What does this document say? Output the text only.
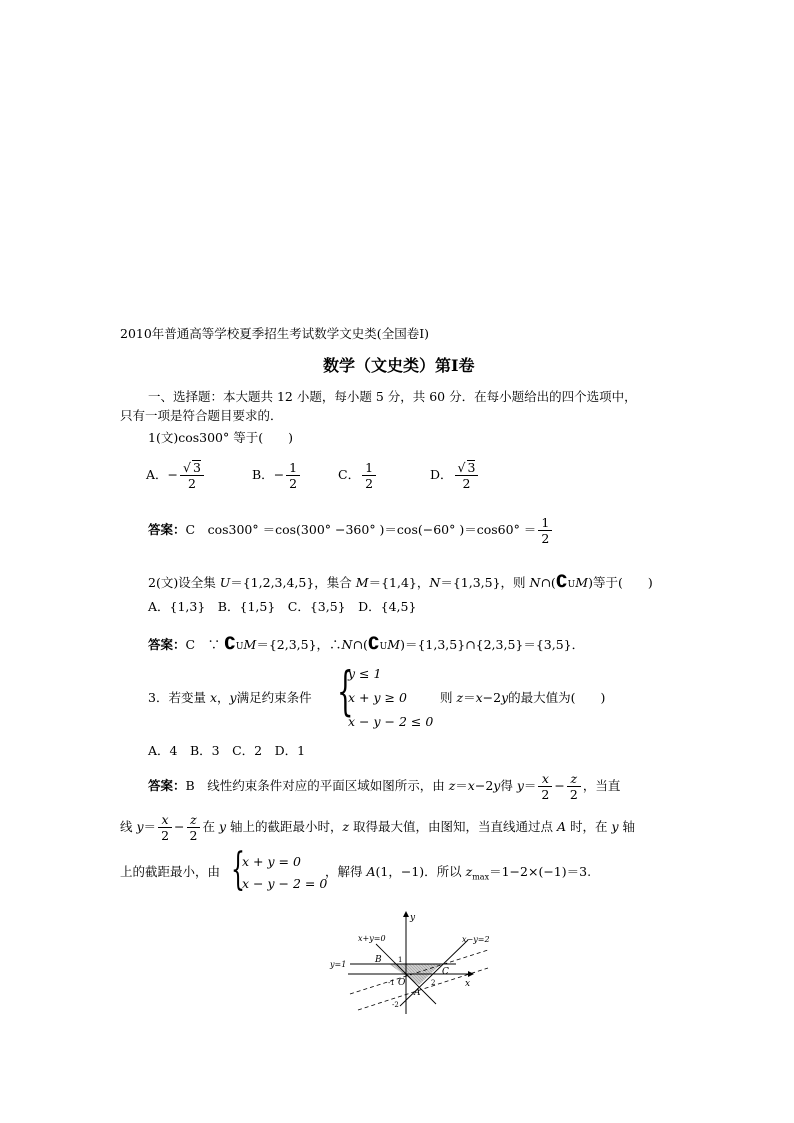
2010年普通高等学校夏季招生考试数学文史类(全国卷Ⅰ)
数学（文史类）第Ⅰ卷
一、选择题：本大题共 12 小题，每小题 5 分，共 60 分．在每小题给出的四个选项中，
只有一项是符合题目要求的．
1(文)cos300° 等于(　　)
A．− $\frac{√ 3}{2}$	B．− $\frac{1}{2}$	C． $\frac{1}{2}$	D． $\frac{√ 3}{2}$
答案：C　cos300° ＝cos(300° −360° )＝cos(−60° )$=\cos 60^\circ = \frac{1}{2}$
2(文)设全集 U＝{1,2,3,4,5}，集合 M＝{1,4}，N＝{1,3,5}，则 N∩(∁UM)等于(　　)
A．{1,3}　B．{1,5}　C．{3,5}　D．{4,5}
答案：C　∵ ∁UM＝{2,3,5}，∴N∩(∁UM)＝{1,3,5}∩{2,3,5}＝{3,5}．
3．若变量 x，y满足约束条件 {
y ≤ 1
x + y ≥ 0
x − y − 2 ≤ 0
则 z＝x−2y的最大值为(　　)
A．4　B．3　C．2　D．1
答案：B　线性约束条件对应的平面区域如图所示，由 z＝x−2y得 $y= \frac{x}{2} - \frac{z}{2}$ ，当直
线 $y= \frac{x}{2} - \frac{z}{2}$ 在 y 轴上的截距最小时，z 取得最大值，由图知，当直线通过点 A 时，在 y 轴
上的截距最小，由 {
x + y = 0
x − y − 2 = 0
，解得 A(1，−1)．所以 $z_{max}=1-2\times(-1)=3$.
y
x
x+y=0	x−y=2
y=1	B
C
A
O
1
2
-1
-2
